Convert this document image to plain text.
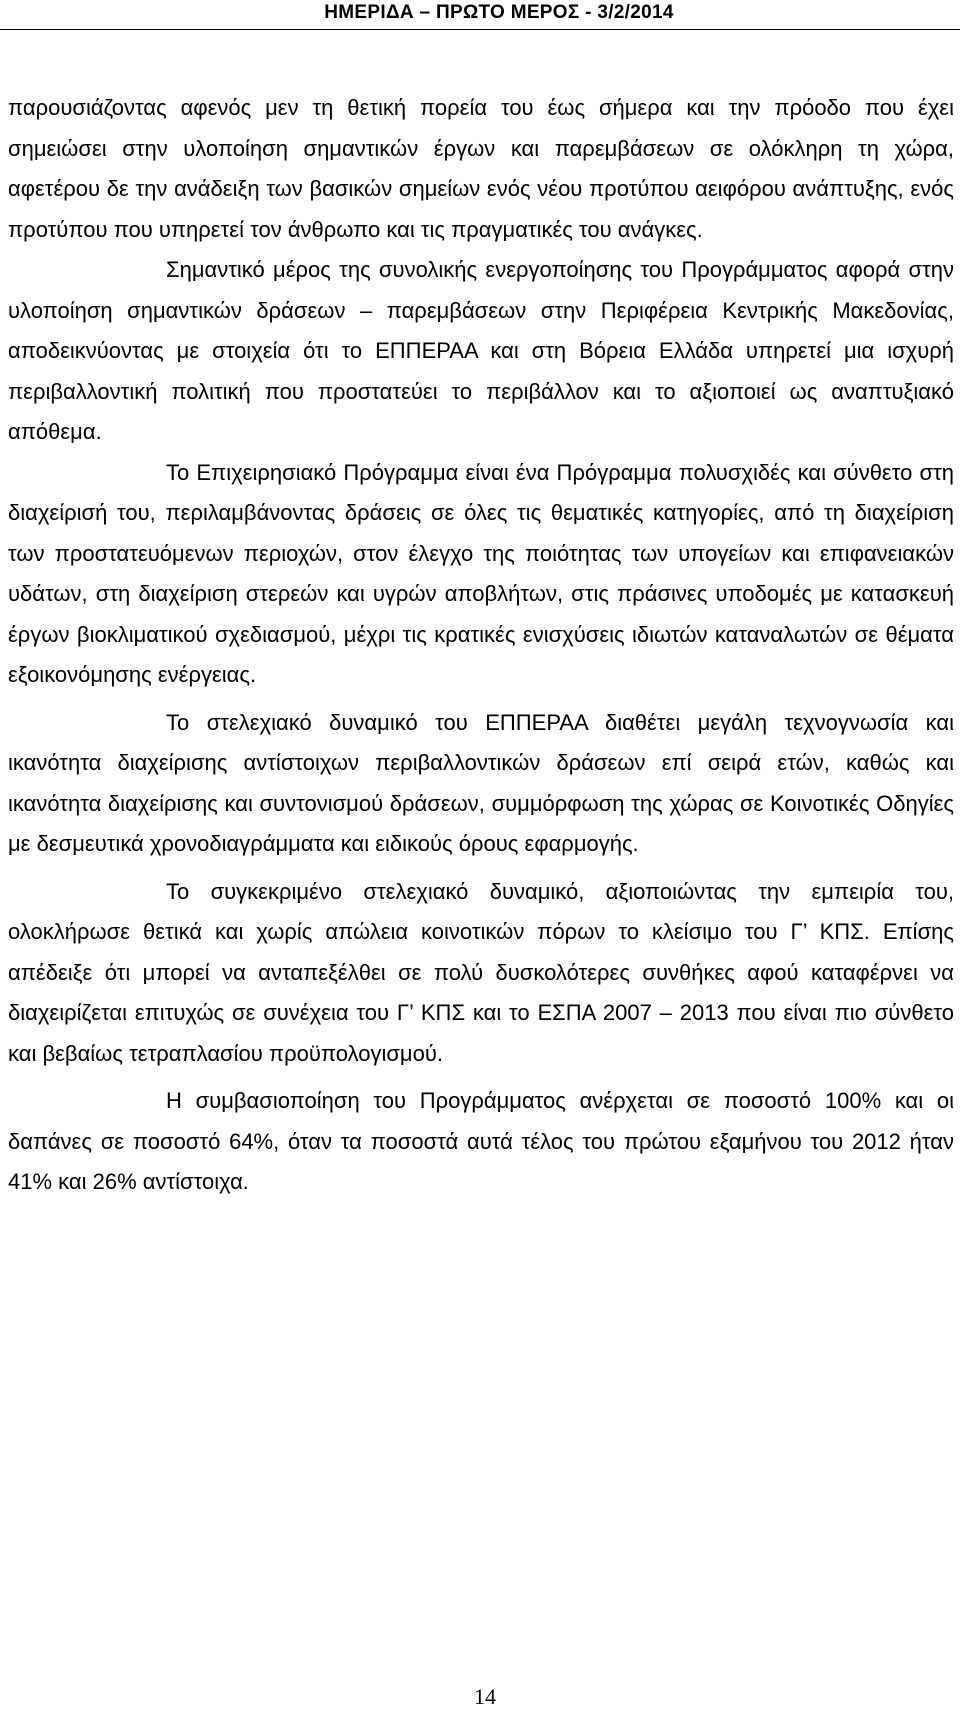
ΗΜΕΡΙΔΑ – ΠΡΩΤΟ ΜΕΡΟΣ - 3/2/2014

παρουσιάζοντας αφενός μεν τη θετική πορεία του έως σήμερα και την πρόοδο που έχει σημειώσει στην υλοποίηση σημαντικών έργων και παρεμβάσεων σε ολόκληρη τη χώρα, αφετέρου δε την ανάδειξη των βασικών σημείων ενός νέου προτύπου αειφόρου ανάπτυξης, ενός προτύπου που υπηρετεί τον άνθρωπο και τις πραγματικές του ανάγκες.

Σημαντικό μέρος της συνολικής ενεργοποίησης του Προγράμματος αφορά στην υλοποίηση σημαντικών δράσεων – παρεμβάσεων στην Περιφέρεια Κεντρικής Μακεδονίας, αποδεικνύοντας με στοιχεία ότι το ΕΠΠΕΡΑΑ και στη Βόρεια Ελλάδα υπηρετεί μια ισχυρή περιβαλλοντική πολιτική που προστατεύει το περιβάλλον και το αξιοποιεί ως αναπτυξιακό απόθεμα.

Το Επιχειρησιακό Πρόγραμμα είναι ένα Πρόγραμμα πολυσχιδές και σύνθετο στη διαχείρισή του, περιλαμβάνοντας δράσεις σε όλες τις θεματικές κατηγορίες, από τη διαχείριση των προστατευόμενων περιοχών, στον έλεγχο της ποιότητας των υπογείων και επιφανειακών υδάτων, στη διαχείριση στερεών και υγρών αποβλήτων, στις πράσινες υποδομές με κατασκευή έργων βιοκλιματικού σχεδιασμού, μέχρι τις κρατικές ενισχύσεις ιδιωτών καταναλωτών σε θέματα εξοικονόμησης ενέργειας.

Το στελεχιακό δυναμικό του ΕΠΠΕΡΑΑ διαθέτει μεγάλη τεχνογνωσία και ικανότητα διαχείρισης αντίστοιχων περιβαλλοντικών δράσεων επί σειρά ετών, καθώς και ικανότητα διαχείρισης και συντονισμού δράσεων, συμμόρφωση της χώρας σε Κοινοτικές Οδηγίες με δεσμευτικά χρονοδιαγράμματα και ειδικούς όρους εφαρμογής.

Το συγκεκριμένο στελεχιακό δυναμικό, αξιοποιώντας την εμπειρία του, ολοκλήρωσε θετικά και χωρίς απώλεια κοινοτικών πόρων το κλείσιμο του Γ’ ΚΠΣ. Επίσης απέδειξε ότι μπορεί να ανταπεξέλθει σε πολύ δυσκολότερες συνθήκες αφού καταφέρνει να διαχειρίζεται επιτυχώς σε συνέχεια του Γ’ ΚΠΣ και το ΕΣΠΑ 2007 – 2013 που είναι πιο σύνθετο και βεβαίως τετραπλασίου προϋπολογισμού.

Η συμβασιοποίηση του Προγράμματος ανέρχεται σε ποσοστό 100% και οι δαπάνες σε ποσοστό 64%, όταν τα ποσοστά αυτά τέλος του πρώτου εξαμήνου του 2012 ήταν 41% και 26% αντίστοιχα.

14
